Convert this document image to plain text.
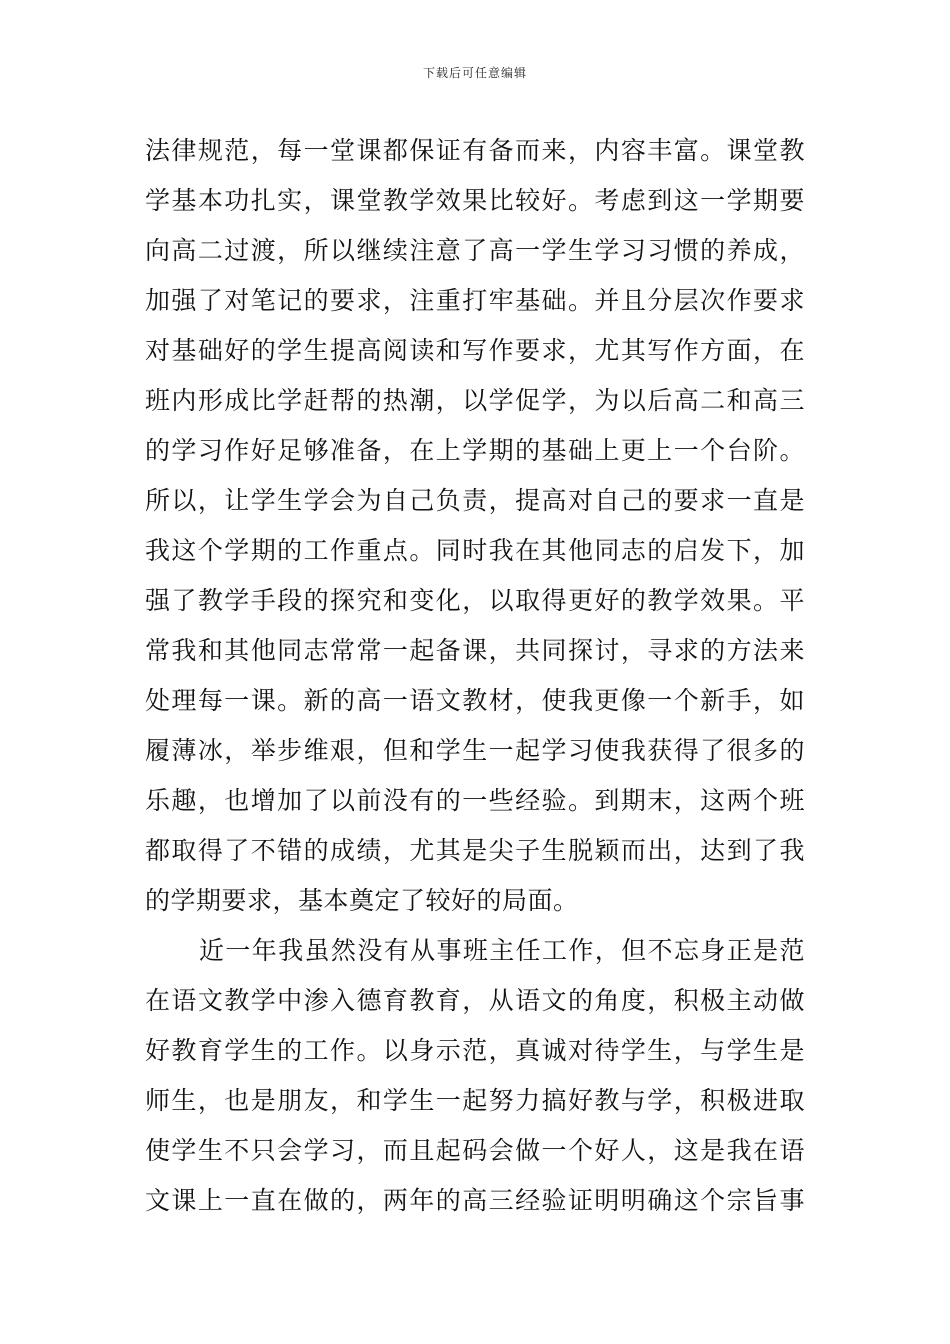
下载后可任意编辑
法律规范，每一堂课都保证有备而来，内容丰富。课堂教
学基本功扎实，课堂教学效果比较好。考虑到这一学期要
向高二过渡，所以继续注意了高一学生学习习惯的养成，
加强了对笔记的要求，注重打牢基础。并且分层次作要求
对基础好的学生提高阅读和写作要求，尤其写作方面，在
班内形成比学赶帮的热潮，以学促学，为以后高二和高三
的学习作好足够准备，在上学期的基础上更上一个台阶。
所以，让学生学会为自己负责，提高对自己的要求一直是
我这个学期的工作重点。同时我在其他同志的启发下，加
强了教学手段的探究和变化，以取得更好的教学效果。平
常我和其他同志常常一起备课，共同探讨，寻求的方法来
处理每一课。新的高一语文教材，使我更像一个新手，如
履薄冰，举步维艰，但和学生一起学习使我获得了很多的
乐趣，也增加了以前没有的一些经验。到期末，这两个班
都取得了不错的成绩，尤其是尖子生脱颖而出，达到了我
的学期要求，基本奠定了较好的局面。
近一年我虽然没有从事班主任工作，但不忘身正是范
在语文教学中渗入德育教育，从语文的角度，积极主动做
好教育学生的工作。以身示范，真诚对待学生，与学生是
师生，也是朋友，和学生一起努力搞好教与学，积极进取
使学生不只会学习，而且起码会做一个好人，这是我在语
文课上一直在做的，两年的高三经验证明明确这个宗旨事
